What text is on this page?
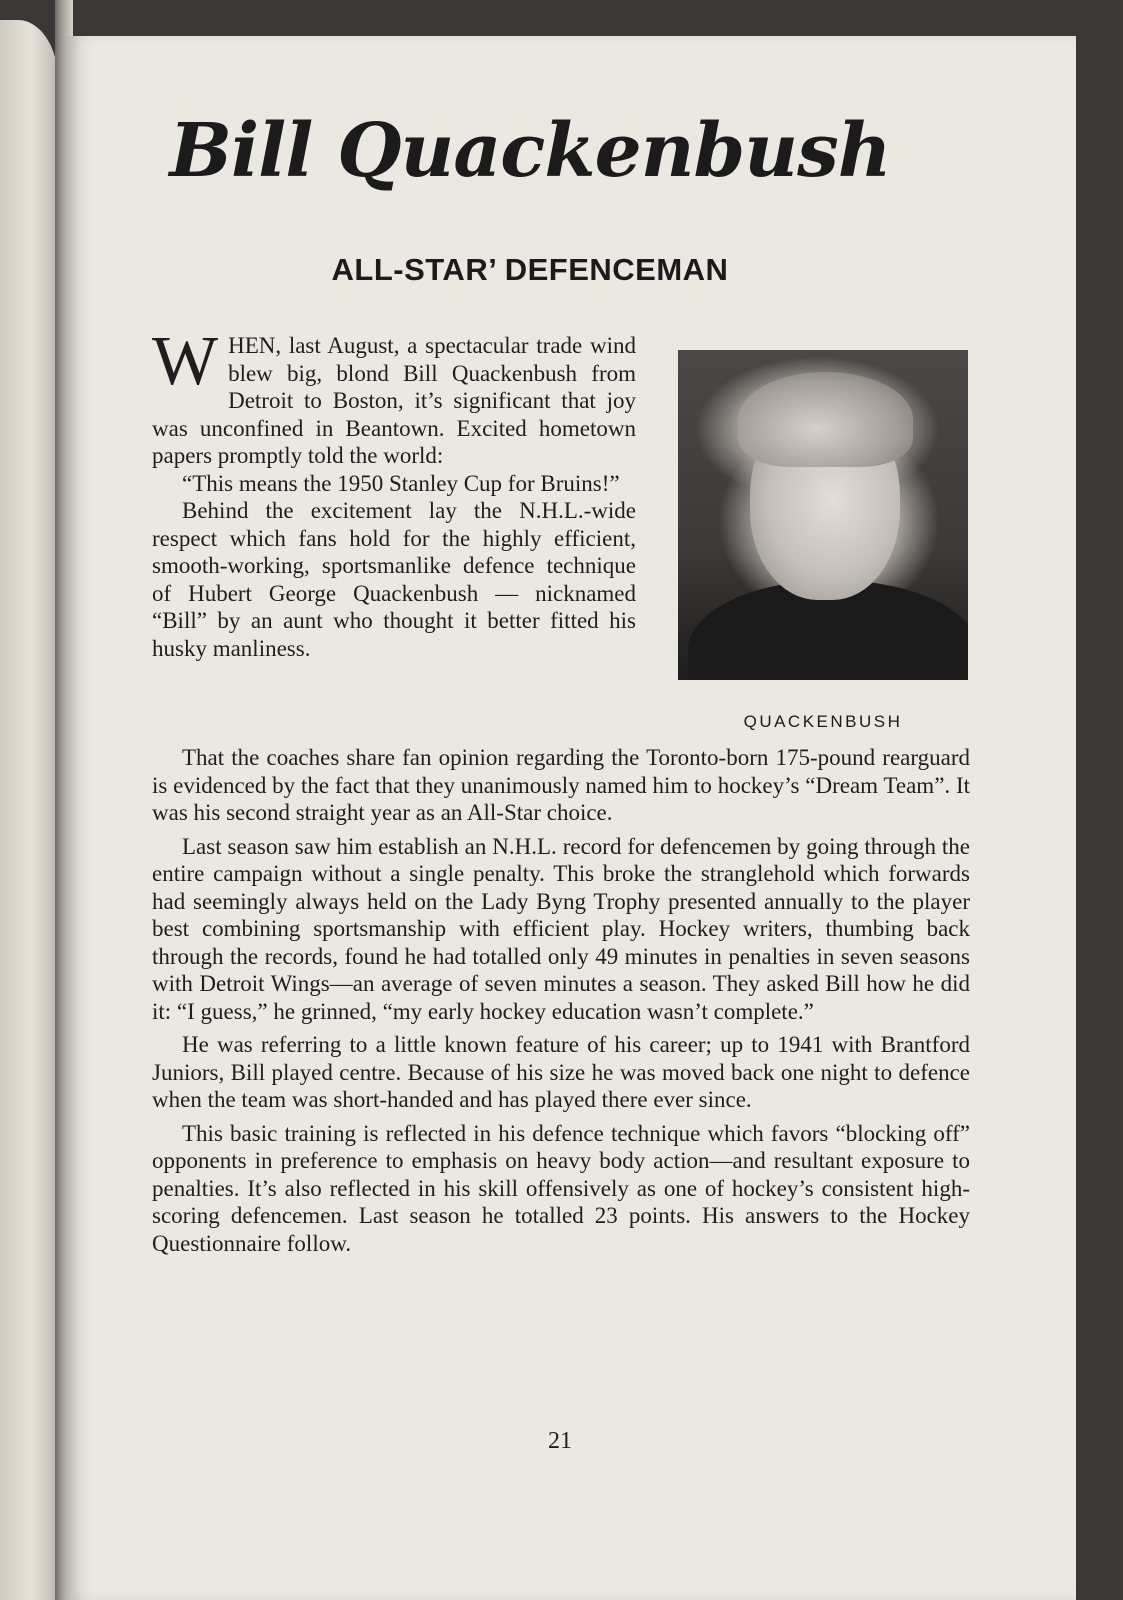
Bill Quackenbush
ALL-STAR’ DEFENCEMAN

QUACKENBUSH

WHEN, last August, a spectacular trade wind blew big, blond Bill Quackenbush from Detroit to Boston, it’s significant that joy was unconfined in Beantown. Excited hometown papers promptly told the world:

“This means the 1950 Stanley Cup for Bruins!”

Behind the excitement lay the N.H.L.-wide respect which fans hold for the highly efficient, smooth-working, sportsmanlike defence technique of Hubert George Quackenbush — nicknamed “Bill” by an aunt who thought it better fitted his husky manliness.

That the coaches share fan opinion regarding the Toronto-born 175-pound rearguard is evidenced by the fact that they unanimously named him to hockey’s “Dream Team”. It was his second straight year as an All-Star choice.

Last season saw him establish an N.H.L. record for defencemen by going through the entire campaign without a single penalty. This broke the stranglehold which forwards had seemingly always held on the Lady Byng Trophy presented annually to the player best combining sportsmanship with efficient play. Hockey writers, thumbing back through the records, found he had totalled only 49 minutes in penalties in seven seasons with Detroit Wings—an average of seven minutes a season. They asked Bill how he did it: “I guess,” he grinned, “my early hockey education wasn’t complete.”

He was referring to a little known feature of his career; up to 1941 with Brantford Juniors, Bill played centre. Because of his size he was moved back one night to defence when the team was short-handed and has played there ever since.

This basic training is reflected in his defence technique which favors “blocking off” opponents in preference to emphasis on heavy body action—and resultant exposure to penalties. It’s also reflected in his skill offensively as one of hockey’s consistent high-scoring defencemen. Last season he totalled 23 points. His answers to the Hockey Questionnaire follow.

21
